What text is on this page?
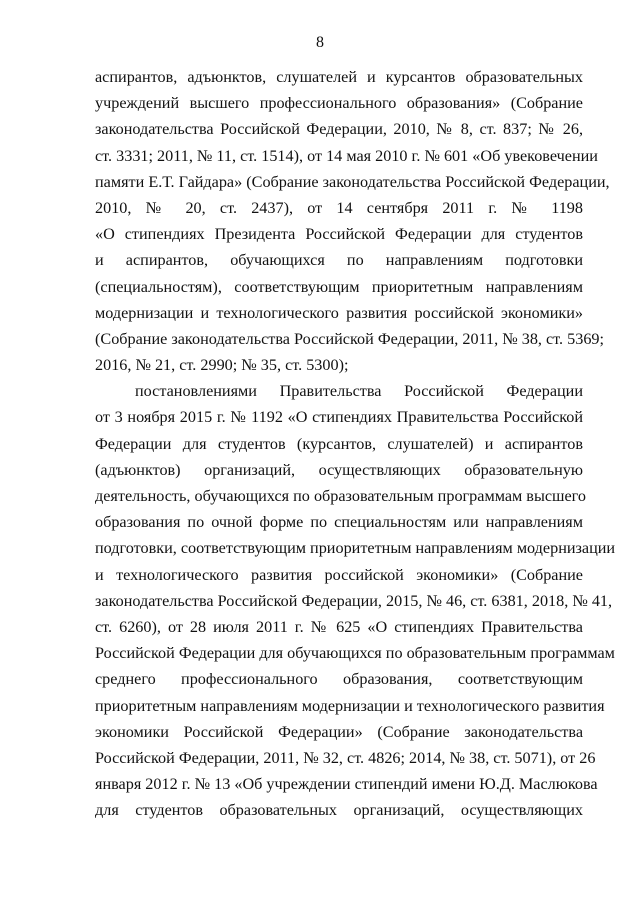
8
аспирантов, адъюнктов, слушателей и курсантов образовательных
учреждений высшего профессионального образования» (Собрание
законодательства Российской Федерации, 2010, № 8, ст. 837; № 26,
ст. 3331; 2011, № 11, ст. 1514), от 14 мая 2010 г. № 601 «Об увековечении
памяти Е.Т. Гайдара» (Собрание законодательства Российской Федерации,
2010, № 20, ст. 2437), от 14 сентября 2011 г. № 1198
«О стипендиях Президента Российской Федерации для студентов
и аспирантов, обучающихся по направлениям подготовки
(специальностям), соответствующим приоритетным направлениям
модернизации и технологического развития российской экономики»
(Собрание законодательства Российской Федерации, 2011, № 38, ст. 5369;
2016, № 21, ст. 2990; № 35, ст. 5300);
постановлениями Правительства Российской Федерации
от 3 ноября 2015 г. № 1192 «О стипендиях Правительства Российской
Федерации для студентов (курсантов, слушателей) и аспирантов
(адъюнктов) организаций, осуществляющих образовательную
деятельность, обучающихся по образовательным программам высшего
образования по очной форме по специальностям или направлениям
подготовки, соответствующим приоритетным направлениям модернизации
и технологического развития российской экономики» (Собрание
законодательства Российской Федерации, 2015, № 46, ст. 6381, 2018, № 41,
ст. 6260), от 28 июля 2011 г. № 625 «О стипендиях Правительства
Российской Федерации для обучающихся по образовательным программам
среднего профессионального образования, соответствующим
приоритетным направлениям модернизации и технологического развития
экономики Российской Федерации» (Собрание законодательства
Российской Федерации, 2011, № 32, ст. 4826; 2014, № 38, ст. 5071), от 26
января 2012 г. № 13 «Об учреждении стипендий имени Ю.Д. Маслюкова
для студентов образовательных организаций, осуществляющих
